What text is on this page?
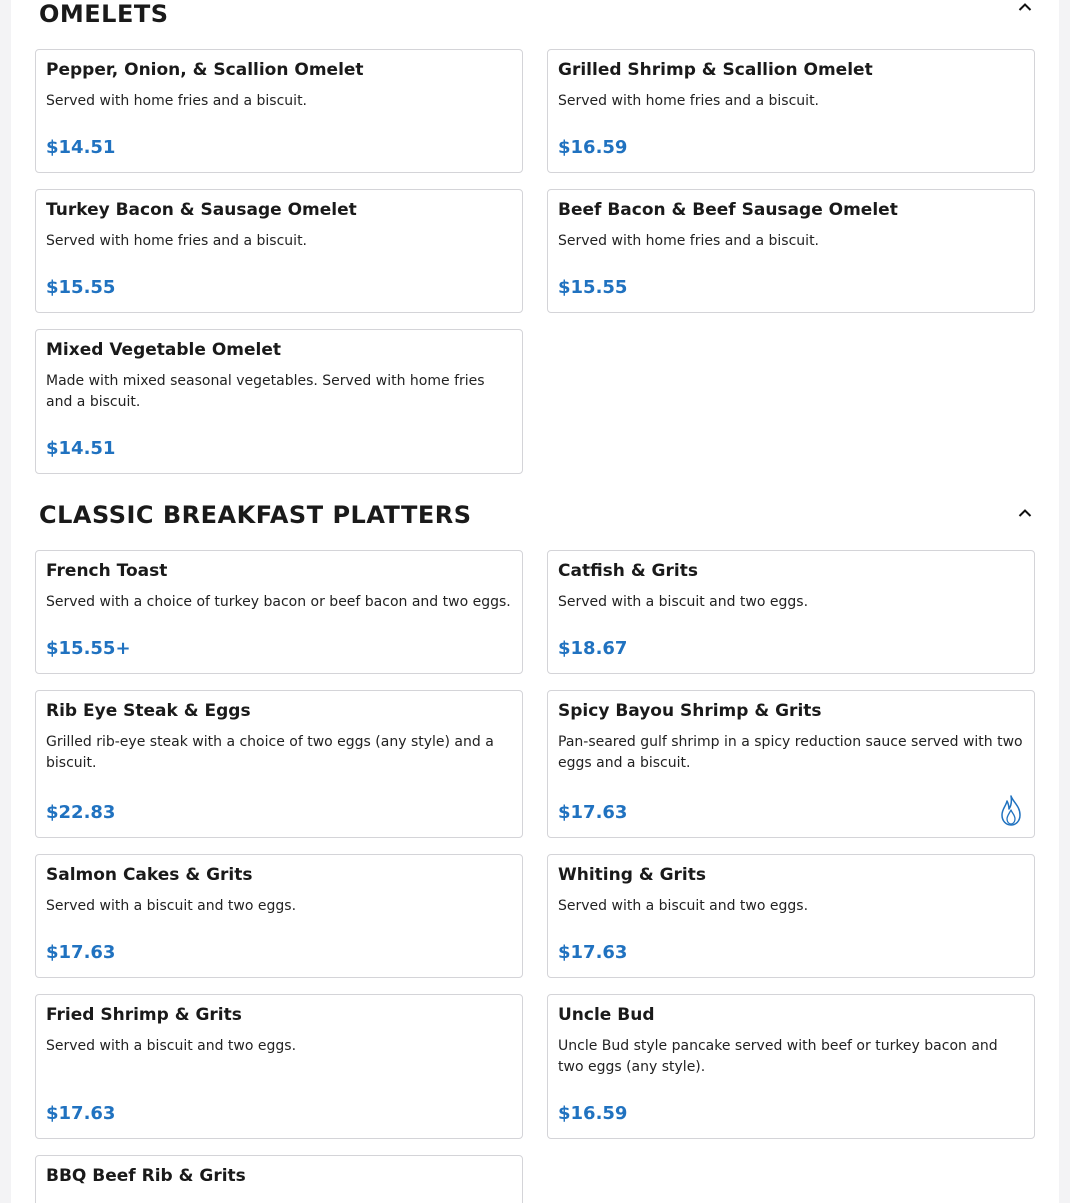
OMELETS
Pepper, Onion, & Scallion Omelet
Served with home fries and a biscuit.
$14.51
Grilled Shrimp & Scallion Omelet
Served with home fries and a biscuit.
$16.59
Turkey Bacon & Sausage Omelet
Served with home fries and a biscuit.
$15.55
Beef Bacon & Beef Sausage Omelet
Served with home fries and a biscuit.
$15.55
Mixed Vegetable Omelet
Made with mixed seasonal vegetables. Served with home fries and a biscuit.
$14.51
CLASSIC BREAKFAST PLATTERS
French Toast
Served with a choice of turkey bacon or beef bacon and two eggs.
$15.55+
Catfish & Grits
Served with a biscuit and two eggs.
$18.67
Rib Eye Steak & Eggs
Grilled rib-eye steak with a choice of two eggs (any style) and a biscuit.
$22.83
Spicy Bayou Shrimp & Grits
Pan-seared gulf shrimp in a spicy reduction sauce served with two eggs and a biscuit.
$17.63
Salmon Cakes & Grits
Served with a biscuit and two eggs.
$17.63
Whiting & Grits
Served with a biscuit and two eggs.
$17.63
Fried Shrimp & Grits
Served with a biscuit and two eggs.
$17.63
Uncle Bud
Uncle Bud style pancake served with beef or turkey bacon and two eggs (any style).
$16.59
BBQ Beef Rib & Grits
